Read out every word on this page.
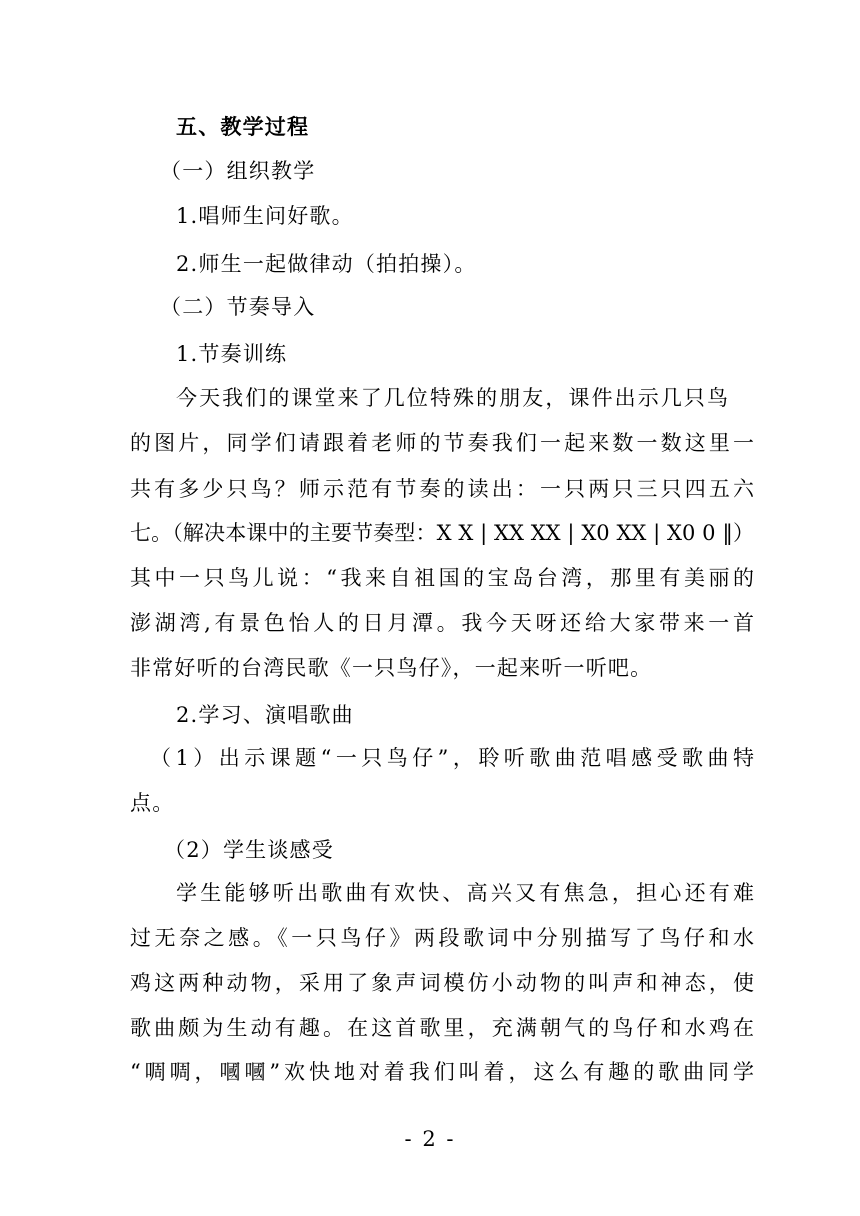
五、教学过程
（一）组织教学
1.唱师生问好歌。
2.师生一起做律动（拍拍操）。
（二）节奏导入
1.节奏训练
今天我们的课堂来了几位特殊的朋友，课件出示几只鸟
的图片，同学们请跟着老师的节奏我们一起来数一数这里一
共有多少只鸟？师示范有节奏的读出：一只两只三只四五六
七。（解决本课中的主要节奏型：X X | XX XX | X0 XX | X0 0 ‖）
其中一只鸟儿说：“我来自祖国的宝岛台湾，那里有美丽的
澎湖湾,有景色怡人的日月潭。我今天呀还给大家带来一首
非常好听的台湾民歌《一只鸟仔》，一起来听一听吧。
2.学习、演唱歌曲
（1）出示课题“一只鸟仔”，聆听歌曲范唱感受歌曲特
点。
（2）学生谈感受
学生能够听出歌曲有欢快、高兴又有焦急，担心还有难
过无奈之感。《一只鸟仔》两段歌词中分别描写了鸟仔和水
鸡这两种动物，采用了象声词模仿小动物的叫声和神态，使
歌曲颇为生动有趣。在这首歌里，充满朝气的鸟仔和水鸡在
“啁啁，嘓嘓”欢快地对着我们叫着，这么有趣的歌曲同学
- 2 -
